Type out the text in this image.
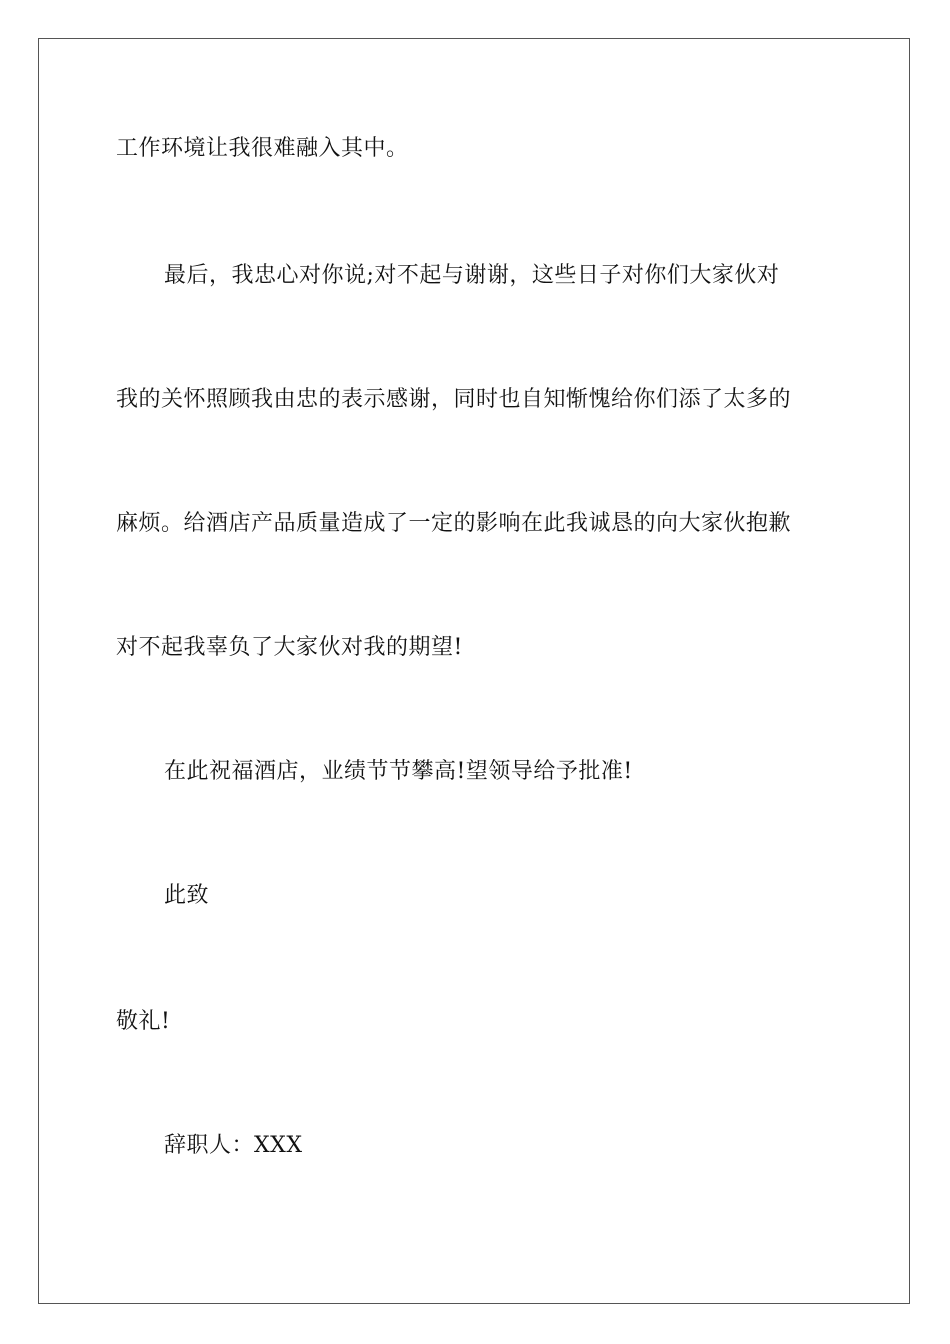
工作环境让我很难融入其中。
最后，我忠心对你说;对不起与谢谢，这些日子对你们大家伙对
我的关怀照顾我由忠的表示感谢，同时也自知惭愧给你们添了太多的
麻烦。给酒店产品质量造成了一定的影响在此我诚恳的向大家伙抱歉
对不起我辜负了大家伙对我的期望!
在此祝福酒店，业绩节节攀高!望领导给予批准!
此致
敬礼!
辞职人：XXX
